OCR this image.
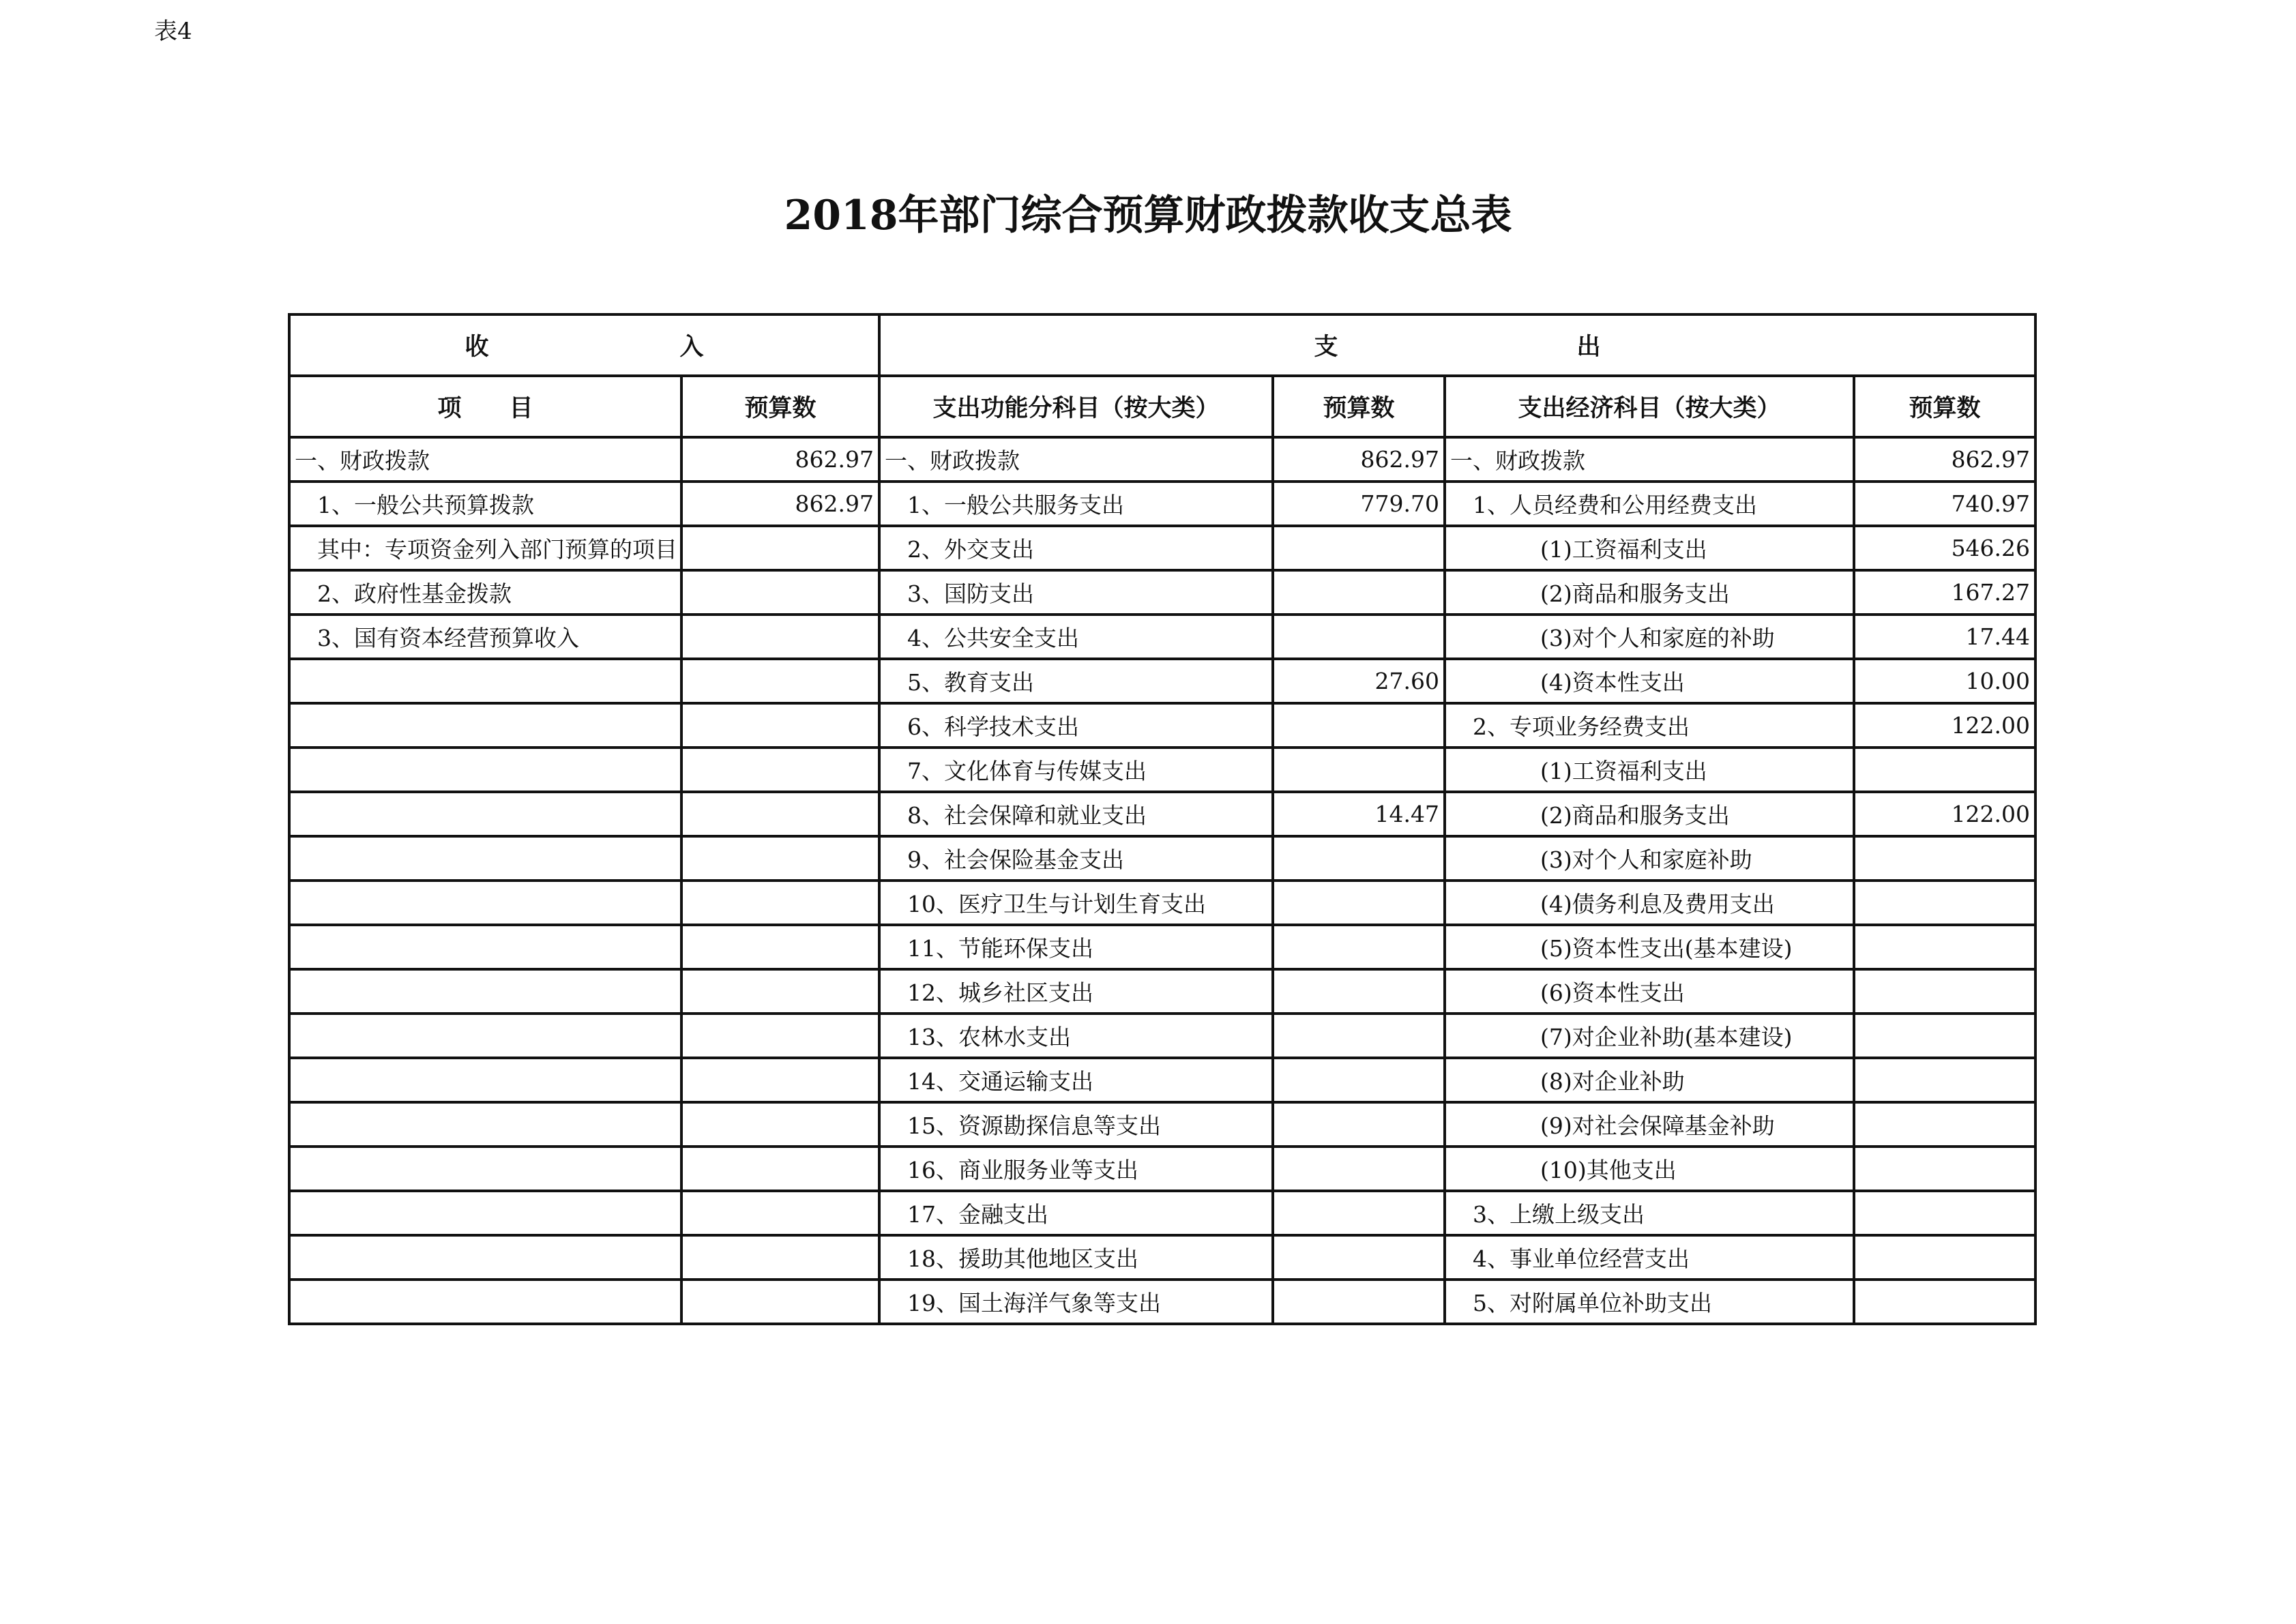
表4
2018年部门综合预算财政拨款收支总表
收　　　　　　　　入		支　　　　　　　　　　出			
项　　目	预算数	支出功能分科目（按大类）	预算数	支出经济科目（按大类）	预算数
一、财政拨款	862.97	一、财政拨款	862.97	一、财政拨款	862.97
　1、一般公共预算拨款	862.97	　1、一般公共服务支出	779.70	　1、人员经费和公用经费支出	740.97
　其中：专项资金列入部门预算的项目		　2、外交支出		　　　　(1)工资福利支出	546.26
　2、政府性基金拨款		　3、国防支出		　　　　(2)商品和服务支出	167.27
　3、国有资本经营预算收入		　4、公共安全支出		　　　　(3)对个人和家庭的补助	17.44
		　5、教育支出	27.60	　　　　(4)资本性支出	10.00
		　6、科学技术支出		　2、专项业务经费支出	122.00
		　7、文化体育与传媒支出		　　　　(1)工资福利支出	
		　8、社会保障和就业支出	14.47	　　　　(2)商品和服务支出	122.00
		　9、社会保险基金支出		　　　　(3)对个人和家庭补助	
		　10、医疗卫生与计划生育支出		　　　　(4)债务利息及费用支出	
		　11、节能环保支出		　　　　(5)资本性支出(基本建设)	
		　12、城乡社区支出		　　　　(6)资本性支出	
		　13、农林水支出		　　　　(7)对企业补助(基本建设)	
		　14、交通运输支出		　　　　(8)对企业补助	
		　15、资源勘探信息等支出		　　　　(9)对社会保障基金补助	
		　16、商业服务业等支出		　　　　(10)其他支出	
		　17、金融支出		　3、上缴上级支出	
		　18、援助其他地区支出		　4、事业单位经营支出	
		　19、国土海洋气象等支出		　5、对附属单位补助支出	
